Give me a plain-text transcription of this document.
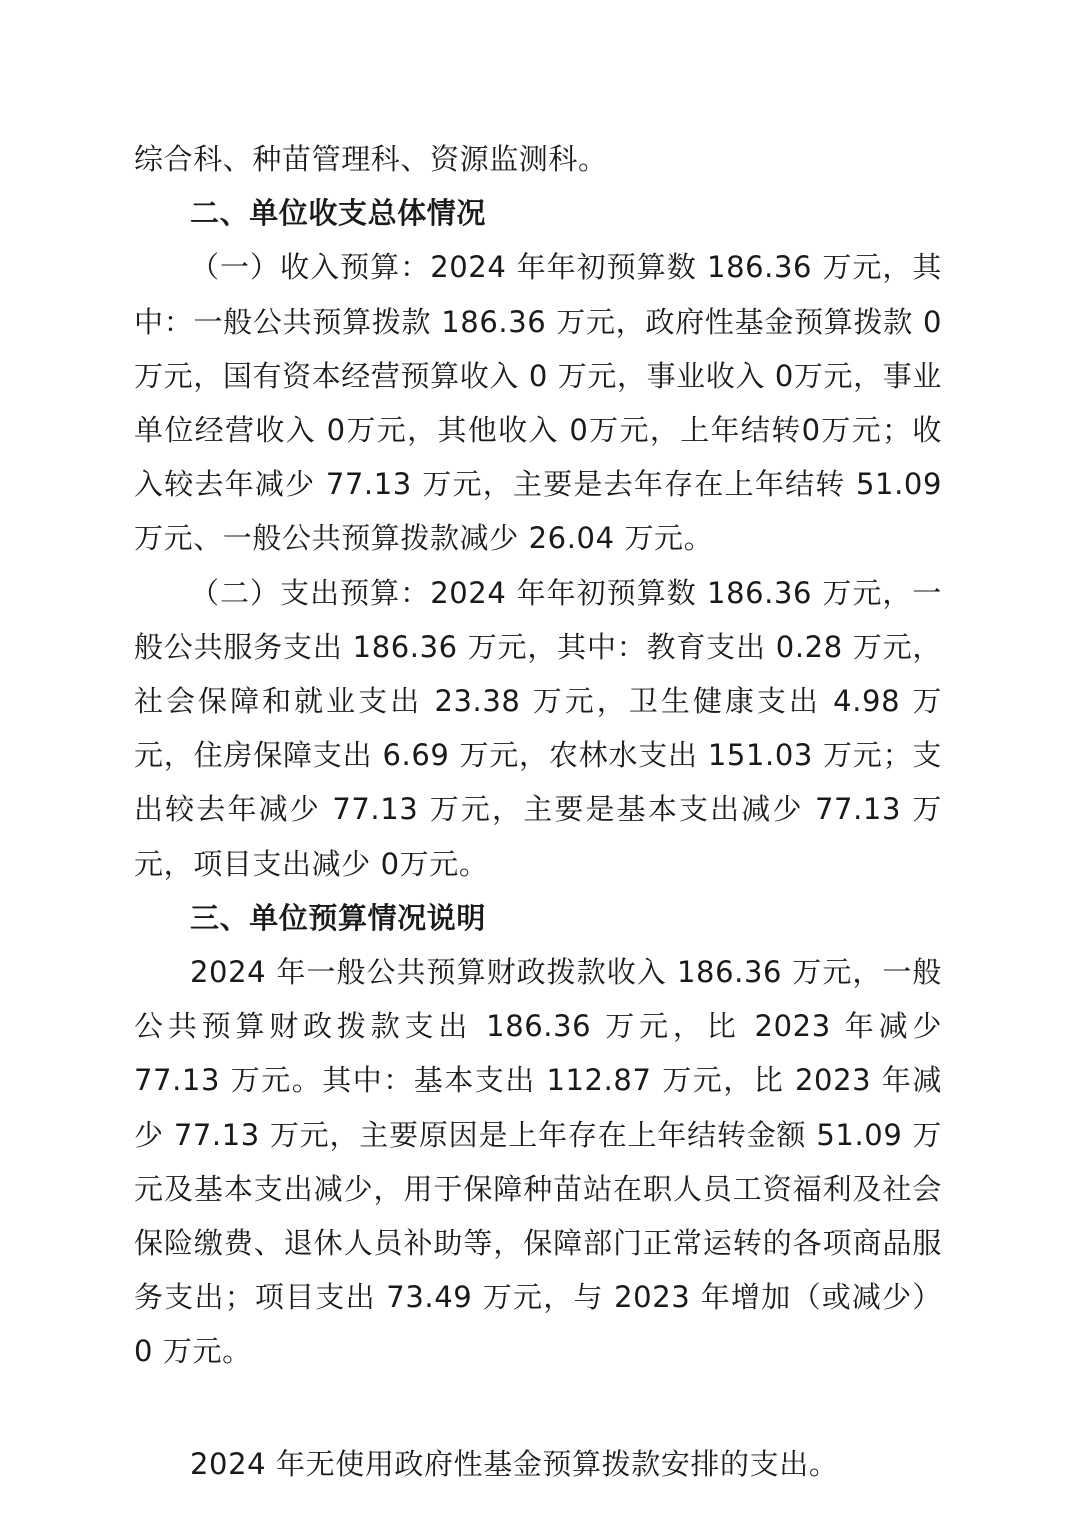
综合科、种苗管理科、资源监测科。
二、单位收支总体情况

（一）收入预算：2024 年年初预算数 186.36 万元，其中：一般公共预算拨款 186.36 万元，政府性基金预算拨款 0 万元，国有资本经营预算收入 0 万元，事业收入 0万元，事业单位经营收入 0万元，其他收入 0万元，上年结转0万元；收入较去年减少 77.13 万元，主要是去年存在上年结转 51.09 万元、一般公共预算拨款减少 26.04 万元。

（二）支出预算：2024 年年初预算数 186.36 万元，一般公共服务支出 186.36 万元，其中：教育支出 0.28 万元，社会保障和就业支出 23.38 万元，卫生健康支出 4.98 万元，住房保障支出 6.69 万元，农林水支出 151.03 万元；支出较去年减少 77.13 万元，主要是基本支出减少 77.13 万元，项目支出减少 0万元。

三、单位预算情况说明

2024 年一般公共预算财政拨款收入 186.36 万元，一般公共预算财政拨款支出 186.36 万元，比 2023 年减少 77.13 万元。其中：基本支出 112.87 万元，比 2023 年减少 77.13 万元，主要原因是上年存在上年结转金额 51.09 万元及基本支出减少，用于保障种苗站在职人员工资福利及社会保险缴费、退休人员补助等，保障部门正常运转的各项商品服务支出；项目支出 73.49 万元，与 2023 年增加（或减少） 0 万元。

2024 年无使用政府性基金预算拨款安排的支出。
